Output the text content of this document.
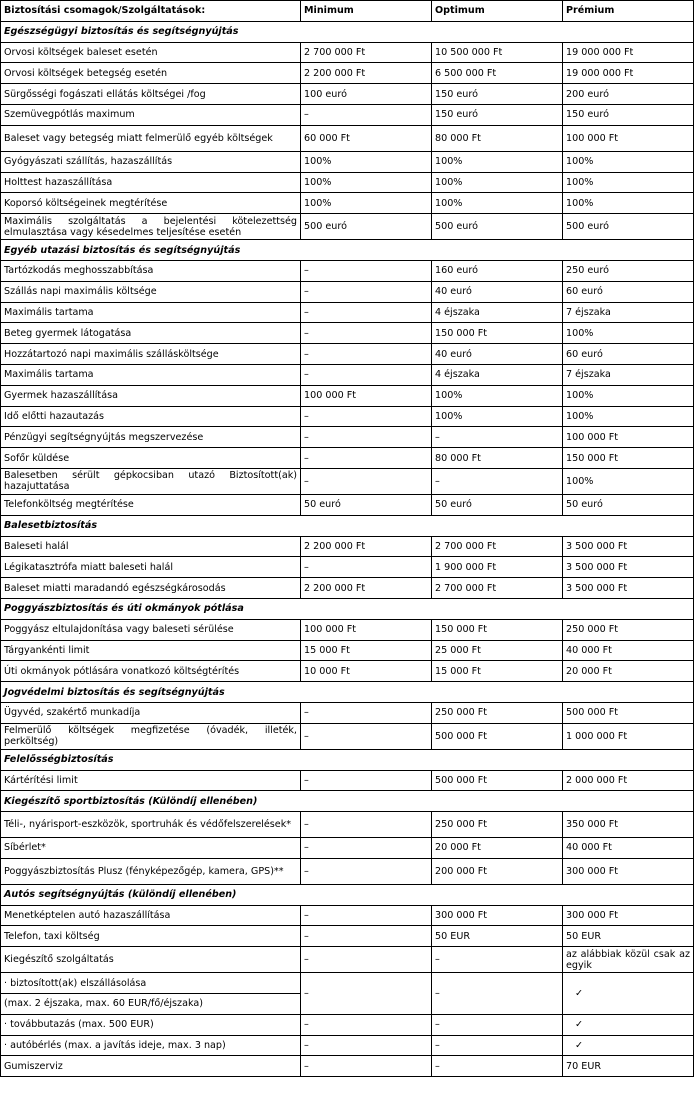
Biztosítási csomagok/Szolgáltatások:	Minimum	Optimum	Prémium
Egészségügyi biztosítás és segítségnyújtás			
Orvosi költségek baleset esetén	2 700 000 Ft	10 500 000 Ft	19 000 000 Ft
Orvosi költségek betegség esetén	2 200 000 Ft	6 500 000 Ft	19 000 000 Ft
Sürgősségi fogászati ellátás költségei /fog	100 euró	150 euró	200 euró
Szemüvegpótlás maximum	–	150 euró	150 euró
Baleset vagy betegség miatt felmerülő egyéb költségek	60 000 Ft	80 000 Ft	100 000 Ft
Gyógyászati szállítás, hazaszállítás	100%	100%	100%
Holttest hazaszállítása	100%	100%	100%
Koporsó költségeinek megtérítése	100%	100%	100%
Maximális szolgáltatás a bejelentési kötelezettség elmulasztása vagy késedelmes teljesítése esetén	500 euró	500 euró	500 euró
Egyéb utazási biztosítás és segítségnyújtás			
Tartózkodás meghosszabbítása	–	160 euró	250 euró
Szállás napi maximális költsége	–	40 euró	60 euró
Maximális tartama	–	4 éjszaka	7 éjszaka
Beteg gyermek látogatása	–	150 000 Ft	100%
Hozzátartozó napi maximális szállásköltsége	–	40 euró	60 euró
Maximális tartama	–	4 éjszaka	7 éjszaka
Gyermek hazaszállítása	100 000 Ft	100%	100%
Idő előtti hazautazás	–	100%	100%
Pénzügyi segítségnyújtás megszervezése	–	–	100 000 Ft
Sofőr küldése	–	80 000 Ft	150 000 Ft
Balesetben sérült gépkocsiban utazó Biztosított(ak) hazajuttatása	–	–	100%
Telefonköltség megtérítése	50 euró	50 euró	50 euró
Balesetbiztosítás			
Baleseti halál	2 200 000 Ft	2 700 000 Ft	3 500 000 Ft
Légikatasztrófa miatt baleseti halál	–	1 900 000 Ft	3 500 000 Ft
Baleset miatti maradandó egészségkárosodás	2 200 000 Ft	2 700 000 Ft	3 500 000 Ft
Poggyászbiztosítás és úti okmányok pótlása			
Poggyász eltulajdonítása vagy baleseti sérülése	100 000 Ft	150 000 Ft	250 000 Ft
Tárgyankénti limit	15 000 Ft	25 000 Ft	40 000 Ft
Úti okmányok pótlására vonatkozó költségtérítés	10 000 Ft	15 000 Ft	20 000 Ft
Jogvédelmi biztosítás és segítségnyújtás			
Ügyvéd, szakértő munkadíja	–	250 000 Ft	500 000 Ft
Felmerülő költségek megfizetése (óvadék, illeték, perköltség)	–	500 000 Ft	1 000 000 Ft
Felelősségbiztosítás			
Kártérítési limit	–	500 000 Ft	2 000 000 Ft
Kiegészítő sportbiztosítás (Különdíj ellenében)			
Téli-, nyárisport-eszközök, sportruhák és védőfelszerelések*	–	250 000 Ft	350 000 Ft
Síbérlet*	–	20 000 Ft	40 000 Ft
Poggyászbiztosítás Plusz (fényképezőgép, kamera, GPS)**	–	200 000 Ft	300 000 Ft
Autós segítségnyújtás (különdíj ellenében)			
Menetképtelen autó hazaszállítása	–	300 000 Ft	300 000 Ft
Telefon, taxi költség	–	50 EUR	50 EUR
Kiegészítő szolgáltatás	–	–	az alábbiak közül csak az egyik
· biztosított(ak) elszállásolása	–	–	✓
(max. 2 éjszaka, max. 60 EUR/fő/éjszaka)			
· továbbutazás (max. 500 EUR)	–	–	✓
· autóbérlés (max. a javítás ideje, max. 3 nap)	–	–	✓
Gumiszerviz	–	–	70 EUR
